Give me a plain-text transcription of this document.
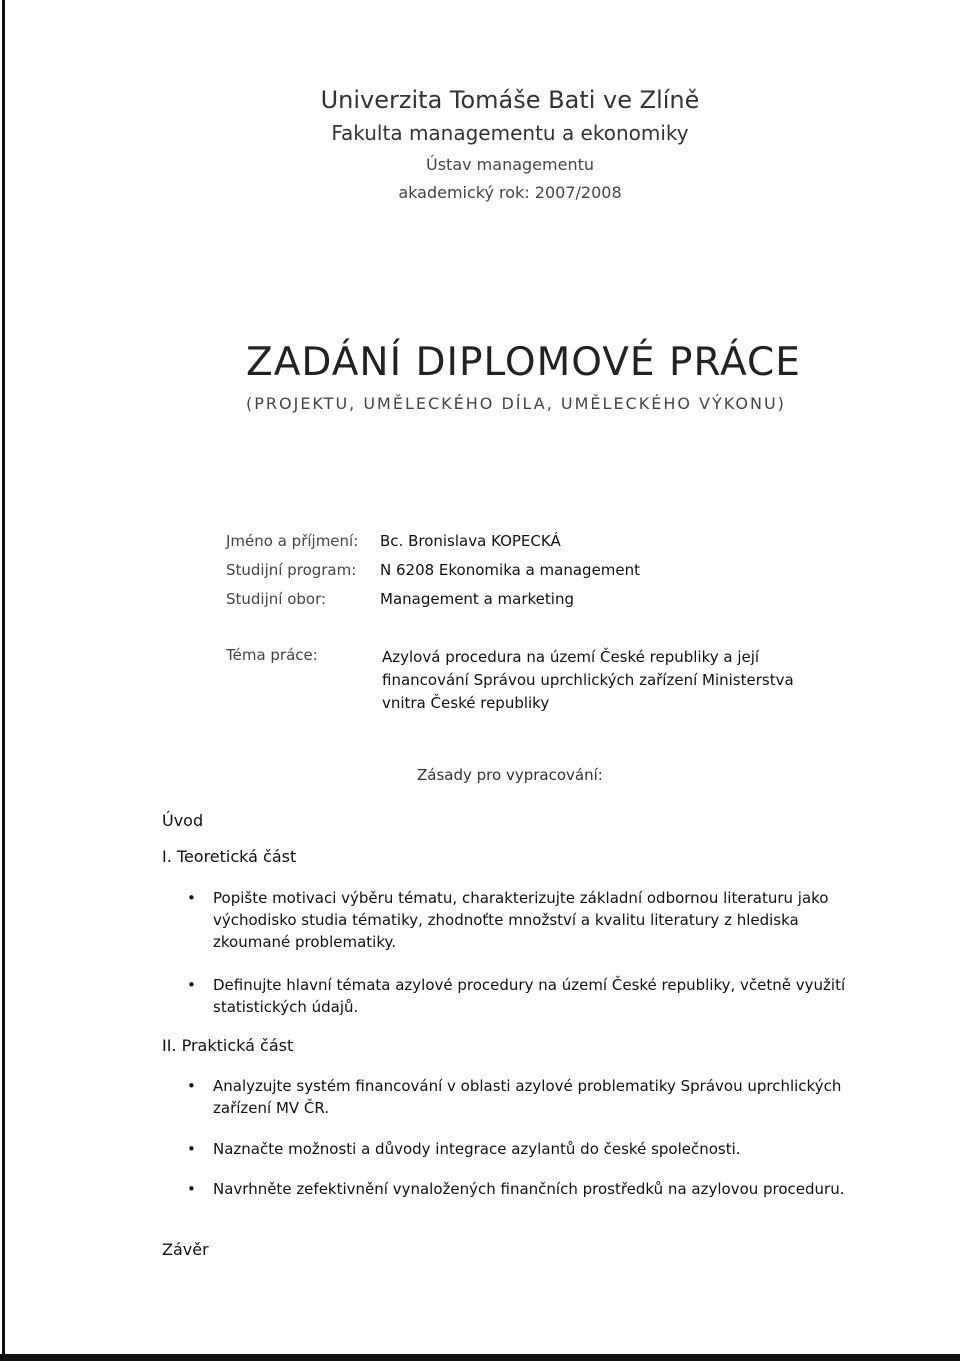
Univerzita Tomáše Bati ve Zlíně
Fakulta managementu a ekonomiky
Ústav managementu
akademický rok: 2007/2008
ZADÁNÍ DIPLOMOVÉ PRÁCE
(PROJEKTU, UMĚLECKÉHO DÍLA, UMĚLECKÉHO VÝKONU)
Jméno a příjmení: Bc. Bronislava KOPECKÁ
Studijní program: N 6208 Ekonomika a management
Studijní obor:	Management a marketing
Téma práce:	Azylová procedura na území České republiky a její financování Správou uprchlických zařízení Ministerstva vnitra České republiky
Zásady pro vypracování:
Úvod
I. Teoretická část
• Popište motivaci výběru tématu, charakterizujte základní odbornou literaturu jako východisko studia tématiky, zhodnoťte množství a kvalitu literatury z hlediska zkoumané problematiky.
• Definujte hlavní témata azylové procedury na území České republiky, včetně využití statistických údajů.
II. Praktická část
• Analyzujte systém financování v oblasti azylové problematiky Správou uprchlických zařízení MV ČR.
• Naznačte možnosti a důvody integrace azylantů do české společnosti.
• Navrhněte zefektivnění vynaložených finančních prostředků na azylovou proceduru.
Závěr
